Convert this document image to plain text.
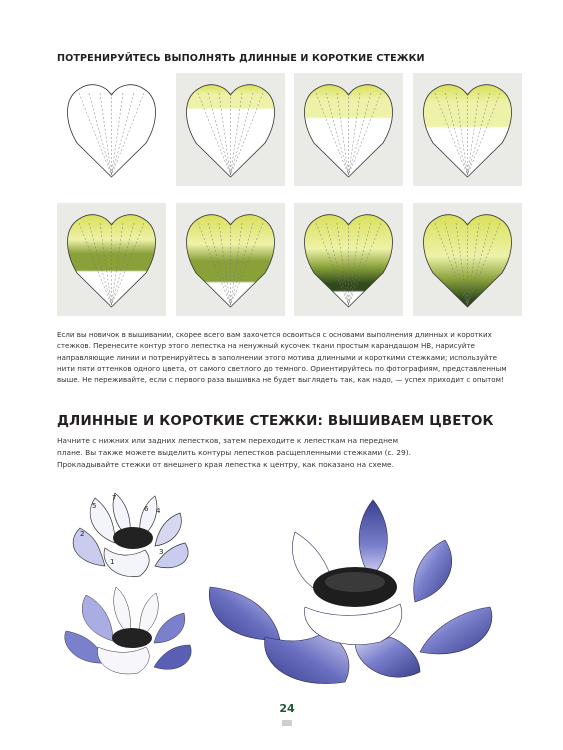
ПОТРЕНИРУЙТЕСЬ ВЫПОЛНЯТЬ ДЛИННЫЕ И КОРОТКИЕ СТЕЖКИ
Если вы новичок в вышивании, скорее всего вам захочется освоиться с основами выполнения длинных и коротких стежков. Перенесите контур этого лепестка на ненужный кусочек ткани простым карандашом HB, нарисуйте направляющие линии и потренируйтесь в заполнении этого мотива длинными и короткими стежками; используйте нити пяти оттенков одного цвета, от самого светлого до темного. Ориентируйтесь по фотографиям, представленным выше. Не переживайте, если с первого раза вышивка не будет выглядеть так, как надо, — успех приходит с опытом!
ДЛИННЫЕ И КОРОТКИЕ СТЕЖКИ: ВЫШИВАЕМ ЦВЕТОК
Начните с нижних или задних лепестков, затем переходите к лепесткам на переднем плане. Вы также можете выделить контуры лепестков расщепленными стежками (с. 29). Прокладывайте стежки от внешнего края лепестка к центру, как показано на схеме.
1
2
3
4
5	6
7
24
